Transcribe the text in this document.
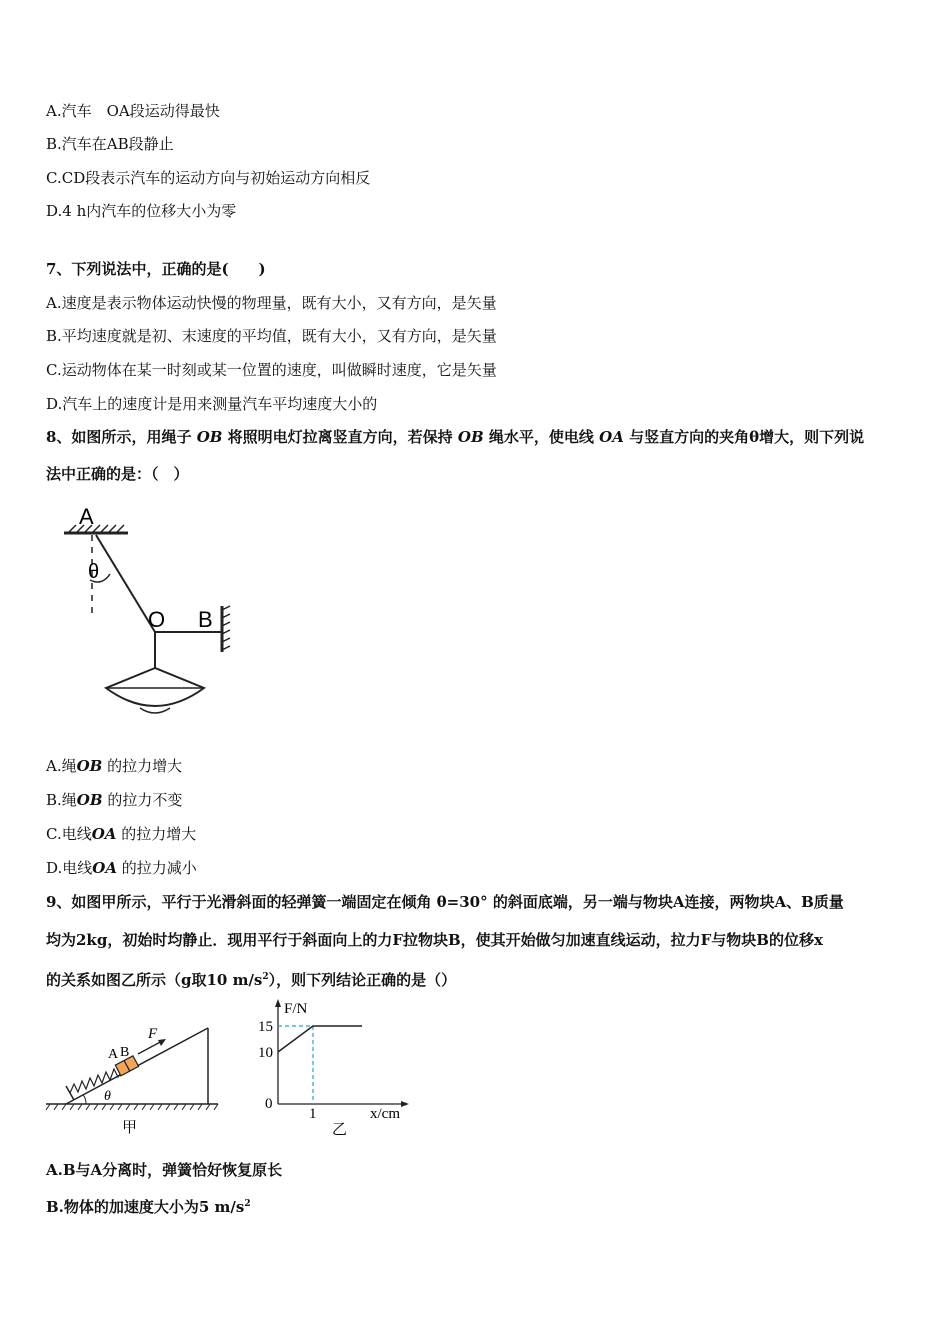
A.汽车　OA段运动得最快
B.汽车在AB段静止
C.CD段表示汽车的运动方向与初始运动方向相反
D.4 h内汽车的位移大小为零
7、下列说法中，正确的是(　　)
A.速度是表示物体运动快慢的物理量，既有大小，又有方向，是矢量
B.平均速度就是初、末速度的平均值，既有大小，又有方向，是矢量
C.运动物体在某一时刻或某一位置的速度，叫做瞬时速度，它是矢量
D.汽车上的速度计是用来测量汽车平均速度大小的
8、如图所示，用绳子 OB 将照明电灯拉离竖直方向，若保持 OB 绳水平，使电线 OA 与竖直方向的夹角θ增大，则下列说
法中正确的是：（　）
A
θ
O B
A.绳OB 的拉力增大
B.绳OB 的拉力不变
C.电线OA 的拉力增大
D.电线OA 的拉力减小
9、如图甲所示，平行于光滑斜面的轻弹簧一端固定在倾角 θ=30° 的斜面底端，另一端与物块A连接，两物块A、B质量
均为2kg，初始时均静止．现用平行于斜面向上的力F拉物块B，使其开始做匀加速直线运动，拉力F与物块B的位移x
的关系如图乙所示（g取10 $m/s^2$），则下列结论正确的是（）
A B
F
θ
甲
F/N
x/cm
15
10
0
1
乙
A.B与A分离时，弹簧恰好恢复原长
B.物体的加速度大小为5 $m/s^2$
